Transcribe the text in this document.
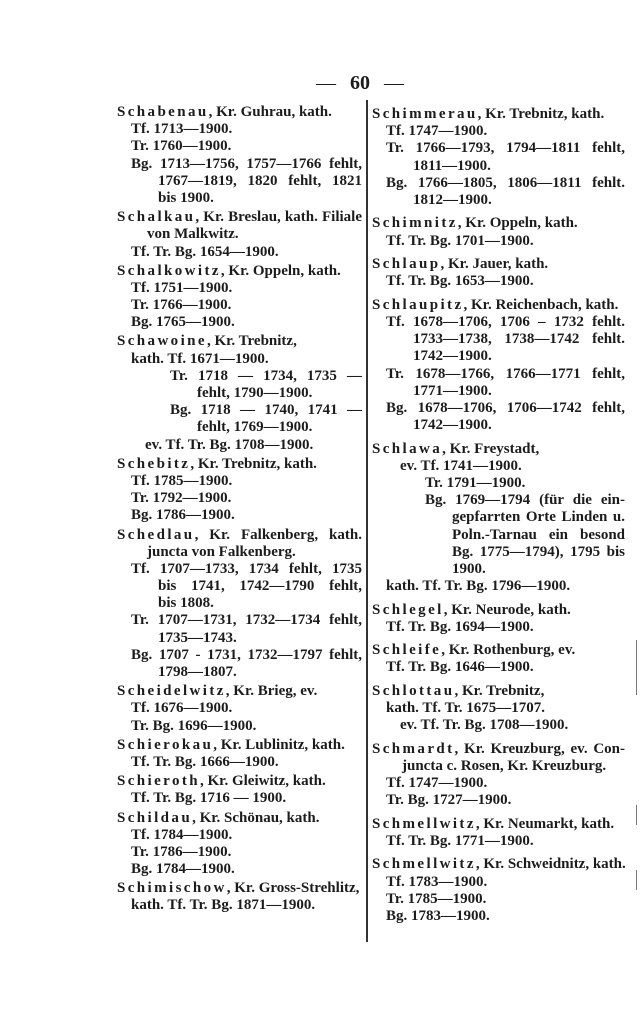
— 60 —
Schabenau, Kr. Guhrau, kath.
Tf. 1713—1900.
Tr. 1760—1900.
Bg. 1713—1756, 1757—1766 fehlt,
1767—1819, 1820 fehlt, 1821
bis 1900.
Schalkau, Kr. Breslau, kath. Filiale
von Malkwitz.
Tf. Tr. Bg. 1654—1900.
Schalkowitz, Kr. Oppeln, kath.
Tf. 1751—1900.
Tr. 1766—1900.
Bg. 1765—1900.
Schawoine, Kr. Trebnitz,
kath. Tf. 1671—1900.
Tr. 1718 — 1734, 1735 —
fehlt, 1790—1900.
Bg. 1718 — 1740, 1741 —
fehlt, 1769—1900.
ev. Tf. Tr. Bg. 1708—1900.
Schebitz, Kr. Trebnitz, kath.
Tf. 1785—1900.
Tr. 1792—1900.
Bg. 1786—1900.
Schedlau, Kr. Falkenberg, kath.
juncta von Falkenberg.
Tf. 1707—1733, 1734 fehlt, 1735
bis 1741, 1742—1790 fehlt,
bis 1808.
Tr. 1707—1731, 1732—1734 fehlt,
1735—1743.
Bg. 1707 - 1731, 1732—1797 fehlt,
1798—1807.
Scheidelwitz, Kr. Brieg, ev.
Tf. 1676—1900.
Tr. Bg. 1696—1900.
Schierokau, Kr. Lublinitz, kath.
Tf. Tr. Bg. 1666—1900.
Schieroth, Kr. Gleiwitz, kath.
Tf. Tr. Bg. 1716 — 1900.
Schildau, Kr. Schönau, kath.
Tf. 1784—1900.
Tr. 1786—1900.
Bg. 1784—1900.
Schimischow, Kr. Gross-Strehlitz,
kath. Tf. Tr. Bg. 1871—1900.
Schimmerau, Kr. Trebnitz, kath.
Tf. 1747—1900.
Tr. 1766—1793, 1794—1811 fehlt,
1811—1900.
Bg. 1766—1805, 1806—1811 fehlt.
1812—1900.
Schimnitz, Kr. Oppeln, kath.
Tf. Tr. Bg. 1701—1900.
Schlaup, Kr. Jauer, kath.
Tf. Tr. Bg. 1653—1900.
Schlaupitz, Kr. Reichenbach, kath.
Tf. 1678—1706, 1706 – 1732 fehlt.
1733—1738, 1738—1742 fehlt.
1742—1900.
Tr. 1678—1766, 1766—1771 fehlt,
1771—1900.
Bg. 1678—1706, 1706—1742 fehlt,
1742—1900.
Schlawa, Kr. Freystadt,
ev. Tf. 1741—1900.
Tr. 1791—1900.
Bg. 1769—1794 (für die ein-
gepfarrten Orte Linden u.
Poln.-Tarnau ein besond
Bg. 1775—1794), 1795 bis
1900.
kath. Tf. Tr. Bg. 1796—1900.
Schlegel, Kr. Neurode, kath.
Tf. Tr. Bg. 1694—1900.
Schleife, Kr. Rothenburg, ev.
Tf. Tr. Bg. 1646—1900.
Schlottau, Kr. Trebnitz,
kath. Tf. Tr. 1675—1707.
ev. Tf. Tr. Bg. 1708—1900.
Schmardt, Kr. Kreuzburg, ev. Con-
juncta c. Rosen, Kr. Kreuzburg.
Tf. 1747—1900.
Tr. Bg. 1727—1900.
Schmellwitz, Kr. Neumarkt, kath.
Tf. Tr. Bg. 1771—1900.
Schmellwitz, Kr. Schweidnitz, kath.
Tf. 1783—1900.
Tr. 1785—1900.
Bg. 1783—1900.
